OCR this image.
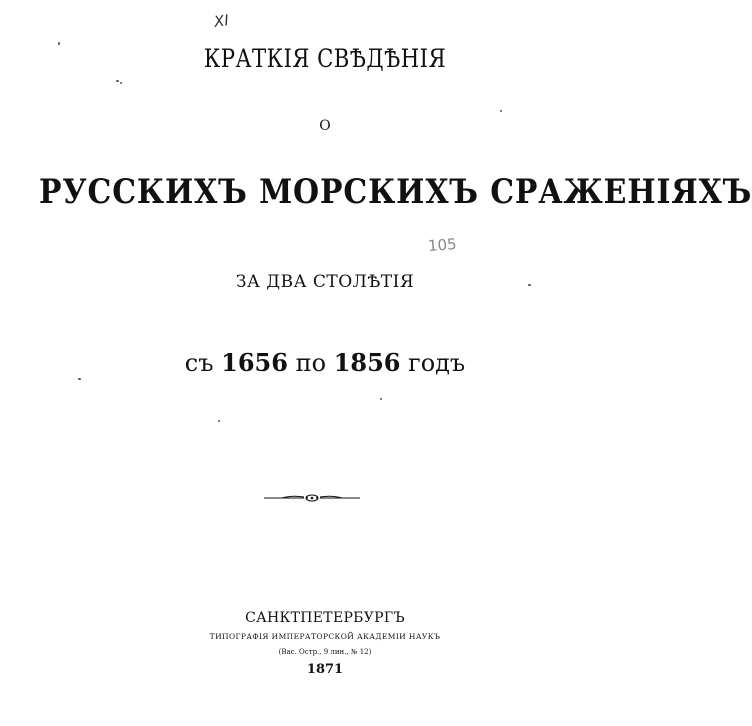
XI
105
КРАТКІЯ СВѢДѢНІЯ
О
РУССКИХЪ МОРСКИХЪ СРАЖЕНІЯХЪ
ЗА ДВА СТОЛѢТІЯ
съ 1656 по 1856 годъ
САНКТПЕТЕРБУРГЪ
ТИПОГРАФІЯ ИМПЕРАТОРСКОЙ АКАДЕМІИ НАУКЪ
(Вас. Остр., 9 лин., № 12)
1871
